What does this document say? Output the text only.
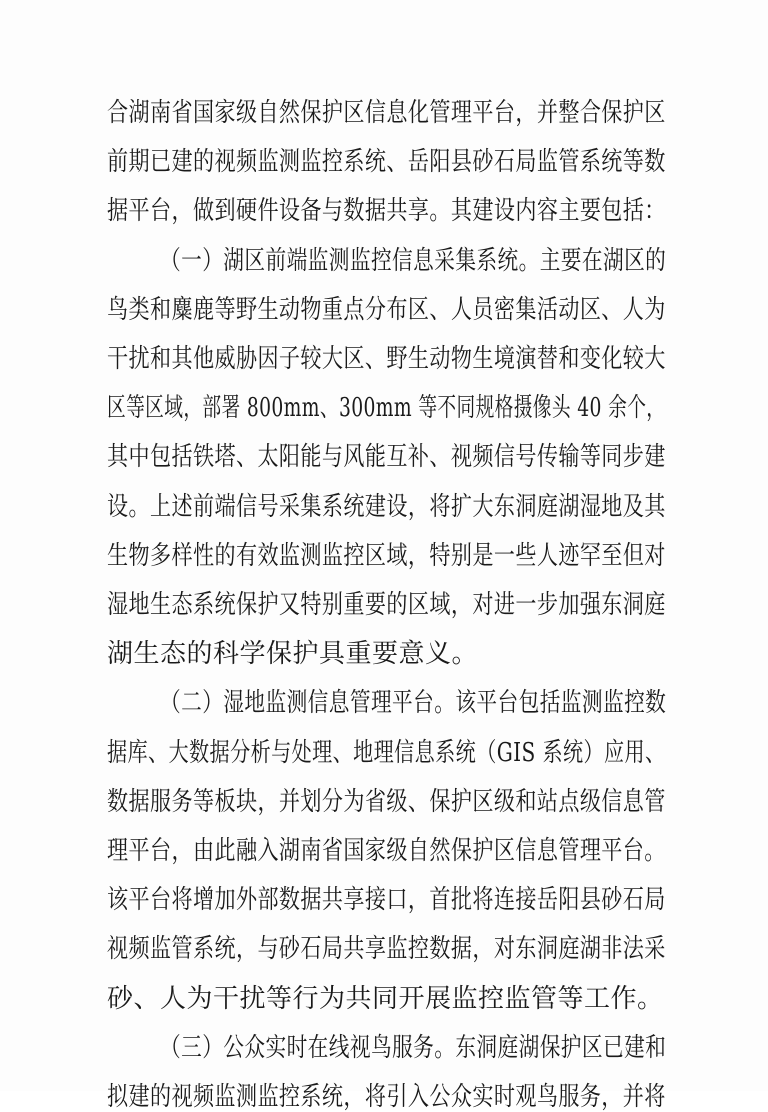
合湖南省国家级自然保护区信息化管理平台，并整合保护区
前期已建的视频监测监控系统、岳阳县砂石局监管系统等数
据平台，做到硬件设备与数据共享。其建设内容主要包括：
（一）湖区前端监测监控信息采集系统。主要在湖区的
鸟类和麋鹿等野生动物重点分布区、人员密集活动区、人为
干扰和其他威胁因子较大区、野生动物生境演替和变化较大
区等区域，部署 800mm、300mm 等不同规格摄像头 40 余个，
其中包括铁塔、太阳能与风能互补、视频信号传输等同步建
设。上述前端信号采集系统建设，将扩大东洞庭湖湿地及其
生物多样性的有效监测监控区域，特别是一些人迹罕至但对
湿地生态系统保护又特别重要的区域，对进一步加强东洞庭
湖生态的科学保护具重要意义。
（二）湿地监测信息管理平台。该平台包括监测监控数
据库、大数据分析与处理、地理信息系统（GIS 系统）应用、
数据服务等板块，并划分为省级、保护区级和站点级信息管
理平台，由此融入湖南省国家级自然保护区信息管理平台。
该平台将增加外部数据共享接口，首批将连接岳阳县砂石局
视频监管系统，与砂石局共享监控数据，对东洞庭湖非法采
砂、人为干扰等行为共同开展监控监管等工作。
（三）公众实时在线视鸟服务。东洞庭湖保护区已建和
拟建的视频监测监控系统，将引入公众实时观鸟服务，并将
